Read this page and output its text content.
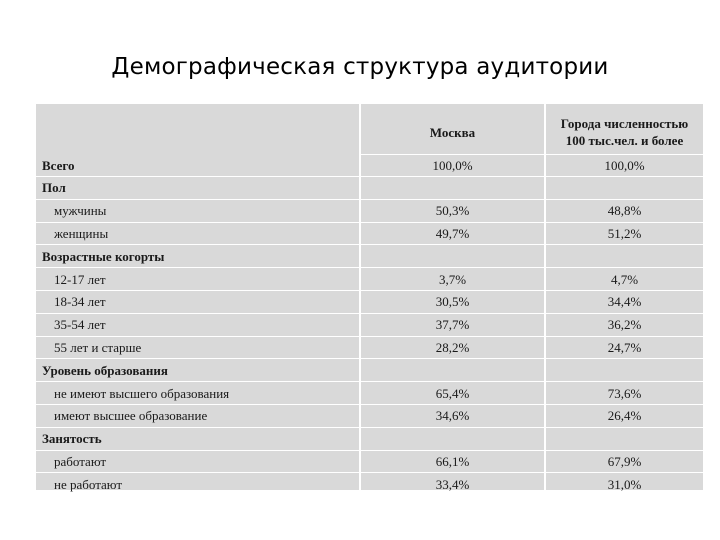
Демографическая структура аудитории
	Москва	Города численностью 100 тыс.чел. и более
Всего	100,0%	100,0%
Пол		
мужчины	50,3%	48,8%
женщины	49,7%	51,2%
Возрастные когорты		
12-17 лет	3,7%	4,7%
18-34 лет	30,5%	34,4%
35-54 лет	37,7%	36,2%
55 лет и старше	28,2%	24,7%
Уровень образования		
не имеют высшего образования	65,4%	73,6%
имеют высшее образование	34,6%	26,4%
Занятость		
работают	66,1%	67,9%
не работают	33,4%	31,0%
